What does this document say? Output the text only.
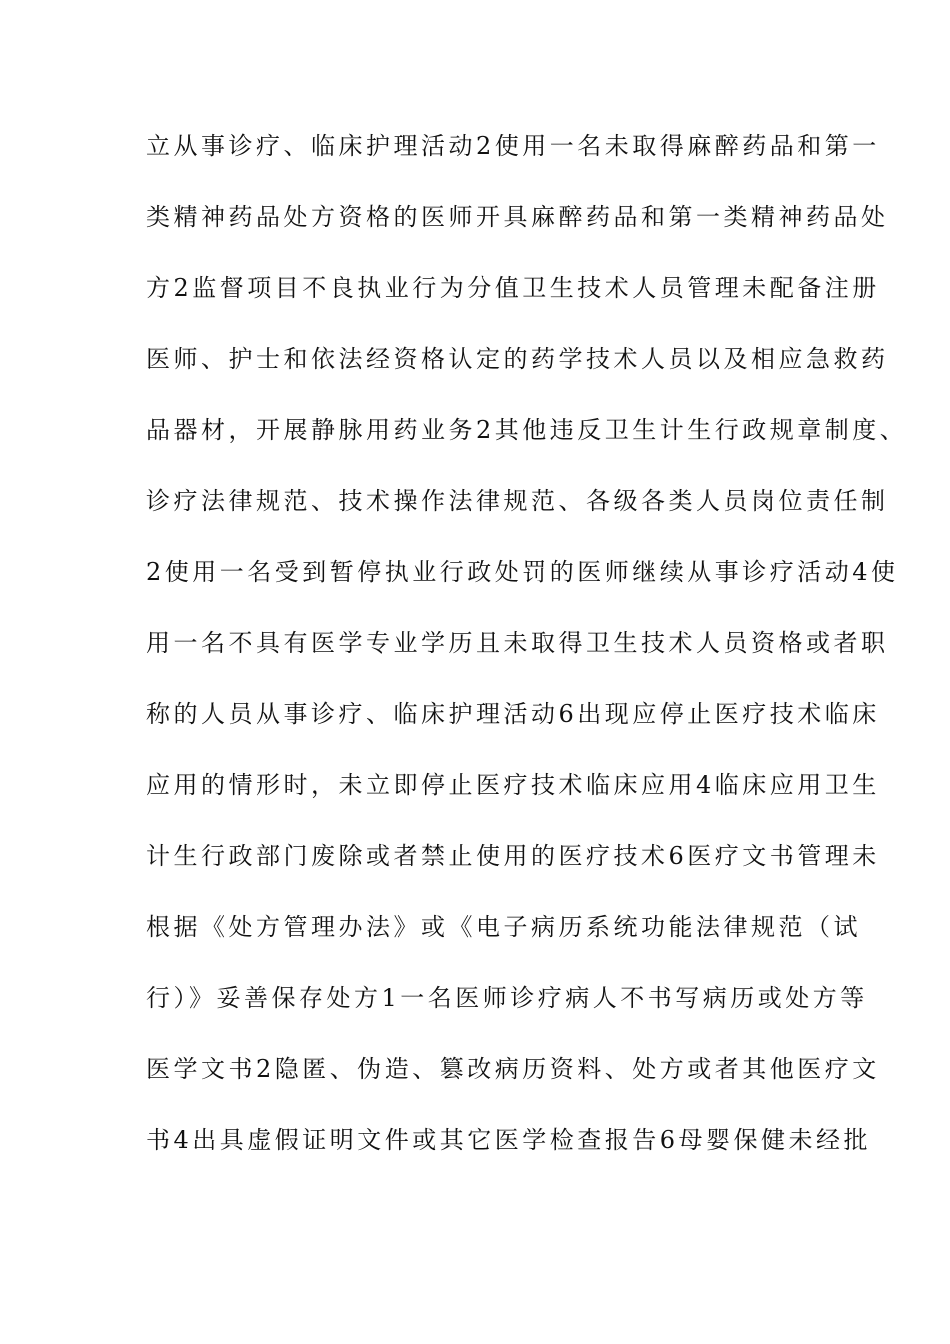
立从事诊疗、临床护理活动2使用一名未取得麻醉药品和第一
类精神药品处方资格的医师开具麻醉药品和第一类精神药品处
方2监督项目不良执业行为分值卫生技术人员管理未配备注册
医师、护士和依法经资格认定的药学技术人员以及相应急救药
品器材，开展静脉用药业务2其他违反卫生计生行政规章制度、
诊疗法律规范、技术操作法律规范、各级各类人员岗位责任制
2使用一名受到暂停执业行政处罚的医师继续从事诊疗活动4使
用一名不具有医学专业学历且未取得卫生技术人员资格或者职
称的人员从事诊疗、临床护理活动6出现应停止医疗技术临床
应用的情形时，未立即停止医疗技术临床应用4临床应用卫生
计生行政部门废除或者禁止使用的医疗技术6医疗文书管理未
根据《处方管理办法》或《电子病历系统功能法律规范（试
行）》妥善保存处方1一名医师诊疗病人不书写病历或处方等
医学文书2隐匿、伪造、篡改病历资料、处方或者其他医疗文
书4出具虚假证明文件或其它医学检查报告6母婴保健未经批
